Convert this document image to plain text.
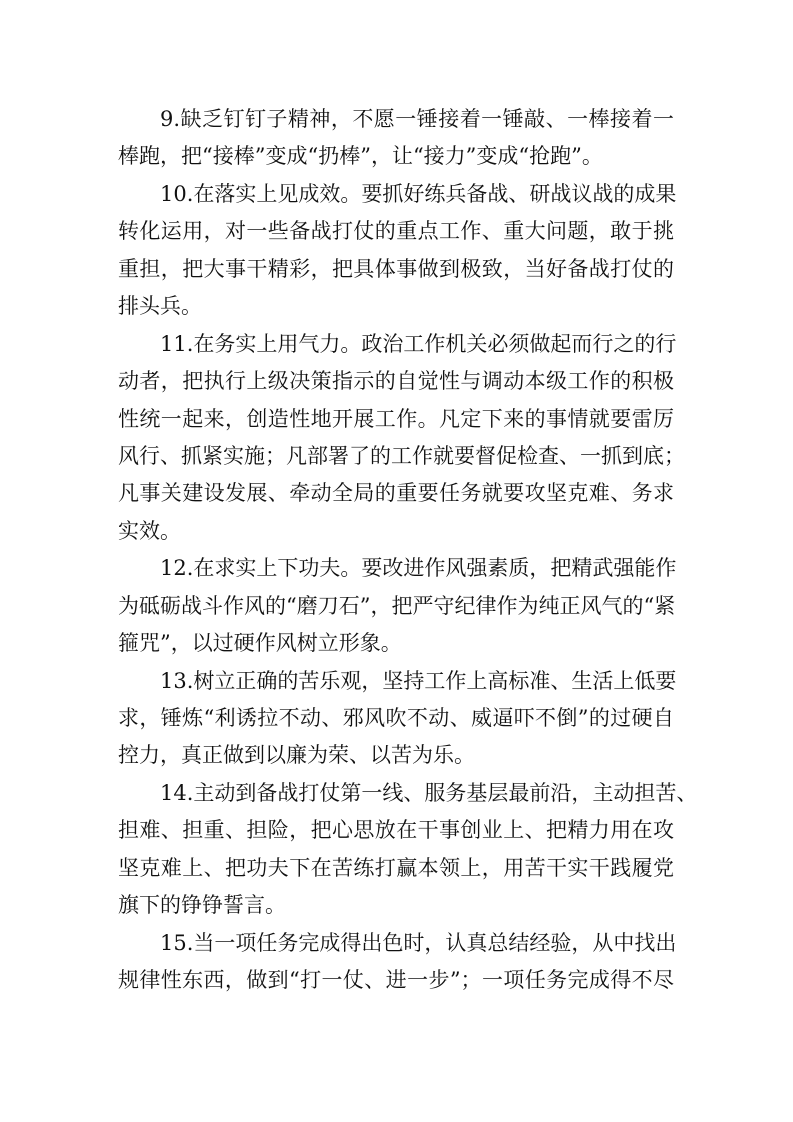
9.缺乏钉钉子精神，不愿一锤接着一锤敲、一棒接着一
棒跑，把“接棒”变成“扔棒”，让“接力”变成“抢跑”。
10.在落实上见成效。要抓好练兵备战、研战议战的成果
转化运用，对一些备战打仗的重点工作、重大问题，敢于挑
重担，把大事干精彩，把具体事做到极致，当好备战打仗的
排头兵。
11.在务实上用气力。政治工作机关必须做起而行之的行
动者，把执行上级决策指示的自觉性与调动本级工作的积极
性统一起来，创造性地开展工作。凡定下来的事情就要雷厉
风行、抓紧实施；凡部署了的工作就要督促检查、一抓到底；
凡事关建设发展、牵动全局的重要任务就要攻坚克难、务求
实效。
12.在求实上下功夫。要改进作风强素质，把精武强能作
为砥砺战斗作风的“磨刀石”，把严守纪律作为纯正风气的“紧
箍咒”，以过硬作风树立形象。
13.树立正确的苦乐观，坚持工作上高标准、生活上低要
求，锤炼“利诱拉不动、邪风吹不动、威逼吓不倒”的过硬自
控力，真正做到以廉为荣、以苦为乐。
14.主动到备战打仗第一线、服务基层最前沿，主动担苦、
担难、担重、担险，把心思放在干事创业上、把精力用在攻
坚克难上、把功夫下在苦练打赢本领上，用苦干实干践履党
旗下的铮铮誓言。
15.当一项任务完成得出色时，认真总结经验，从中找出
规律性东西，做到“打一仗、进一步”；一项任务完成得不尽
